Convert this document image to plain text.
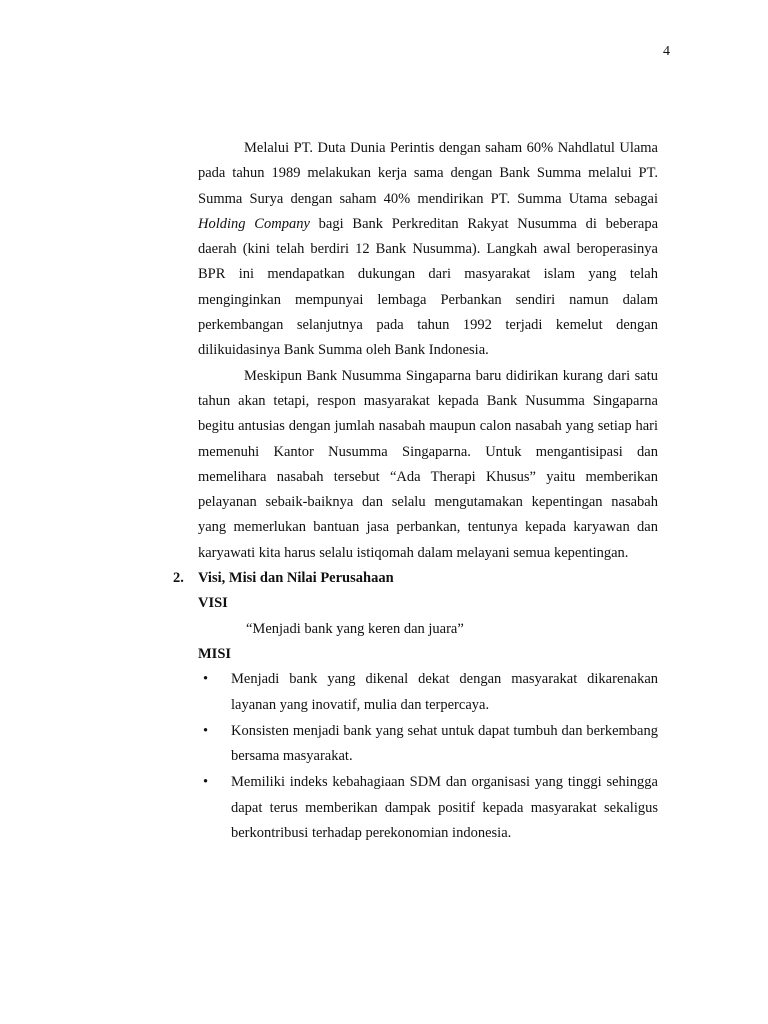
4

Melalui PT. Duta Dunia Perintis dengan saham 60% Nahdlatul Ulama pada tahun 1989 melakukan kerja sama dengan Bank Summa melalui PT. Summa Surya dengan saham 40% mendirikan PT. Summa Utama sebagai Holding Company bagi Bank Perkreditan Rakyat Nusumma di beberapa daerah (kini telah berdiri 12 Bank Nusumma). Langkah awal beroperasinya BPR ini mendapatkan dukungan dari masyarakat islam yang telah menginginkan mempunyai lembaga Perbankan sendiri namun dalam perkembangan selanjutnya pada tahun 1992 terjadi kemelut dengan dilikuidasinya Bank Summa oleh Bank Indonesia.

Meskipun Bank Nusumma Singaparna baru didirikan kurang dari satu tahun akan tetapi, respon masyarakat kepada Bank Nusumma Singaparna begitu antusias dengan jumlah nasabah maupun calon nasabah yang setiap hari memenuhi Kantor Nusumma Singaparna. Untuk mengantisipasi dan memelihara nasabah tersebut “Ada Therapi Khusus” yaitu memberikan pelayanan sebaik-baiknya dan selalu mengutamakan kepentingan nasabah yang memerlukan bantuan jasa perbankan, tentunya kepada karyawan dan karyawati kita harus selalu istiqomah dalam melayani semua kepentingan.

2. Visi, Misi dan Nilai Perusahaan

VISI

“Menjadi bank yang keren dan juara”

MISI

• Menjadi bank yang dikenal dekat dengan masyarakat dikarenakan layanan yang inovatif, mulia dan terpercaya.
• Konsisten menjadi bank yang sehat untuk dapat tumbuh dan berkembang bersama masyarakat.
• Memiliki indeks kebahagiaan SDM dan organisasi yang tinggi sehingga dapat terus memberikan dampak positif kepada masyarakat sekaligus berkontribusi terhadap perekonomian indonesia.
